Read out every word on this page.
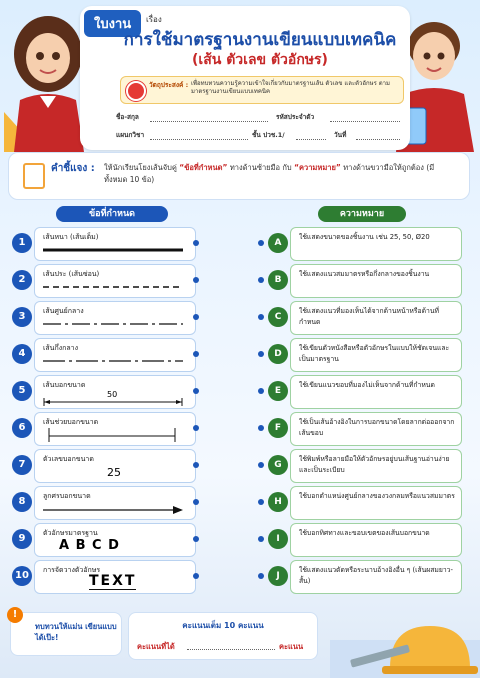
ใบงาน	เรื่อง
การใช้มาตรฐานงานเขียนแบบเทคนิค
(เส้น ตัวเลข ตัวอักษร)
วัตถุประสงค์ : เพื่อทบทวนความรู้ความเข้าใจเกี่ยวกับมาตรฐานเส้น ตัวเลข และตัวอักษร ตามมาตรฐานงานเขียนแบบเทคนิค
ชื่อ-สกุล	รหัสประจำตัว
แผนกวิชา	ชั้น ปวช.1/	วันที่
คำชี้แจง : ให้นักเรียนโยงเส้นจับคู่ “ข้อที่กำหนด” ทางด้านซ้ายมือ กับ “ความหมาย” ทางด้านขวามือให้ถูกต้อง (มีทั้งหมด 10 ข้อ)
ข้อที่กำหนด	ความหมาย
1	เส้นหนา (เส้นเต็ม)
2	เส้นประ (เส้นซ่อน)
3	เส้นศูนย์กลาง
4	เส้นกึ่งกลาง
5	เส้นบอกขนาด
50
6	เส้นช่วยบอกขนาด
7	ตัวเลขบอกขนาด
25
8	ลูกศรบอกขนาด
9	ตัวอักษรมาตรฐาน
A B C D
10	การจัดวางตัวอักษร
TEXT
A
ใช้แสดงขนาดของชิ้นงาน เช่น 25, 50, Ø20
B
ใช้แสดงแนวสมมาตรหรือกึ่งกลางของชิ้นงาน
C
ใช้แสดงแนวที่มองเห็นได้จากด้านหน้าหรือด้านที่กำหนด
D
ใช้เขียนตัวหนังสือหรือตัวอักษรในแบบให้ชัดเจนและเป็นมาตรฐาน
E
ใช้เขียนแนวขอบที่มองไม่เห็นจากด้านที่กำหนด
F
ใช้เป็นเส้นอ้างอิงในการบอกขนาดโดยลากต่อออกจากเส้นขอบ
G
ใช้พิมพ์หรือลายมือให้ตัวอักษรอยู่บนเส้นฐานอ่านง่ายและเป็นระเบียบ
H
ใช้บอกตำแหน่งศูนย์กลางของวงกลมหรือแนวสมมาตร
I
ใช้บอกทิศทางและขอบเขตของเส้นบอกขนาด
J
ใช้แสดงแนวตัดหรือระนาบอ้างอิงอื่น ๆ (เส้นผสมยาว-สั้น)
!
ทบทวนให้แม่น เขียนแบบได้เป๊ะ!
คะแนนเต็ม 10 คะแนน
คะแนนที่ได้	คะแนน
